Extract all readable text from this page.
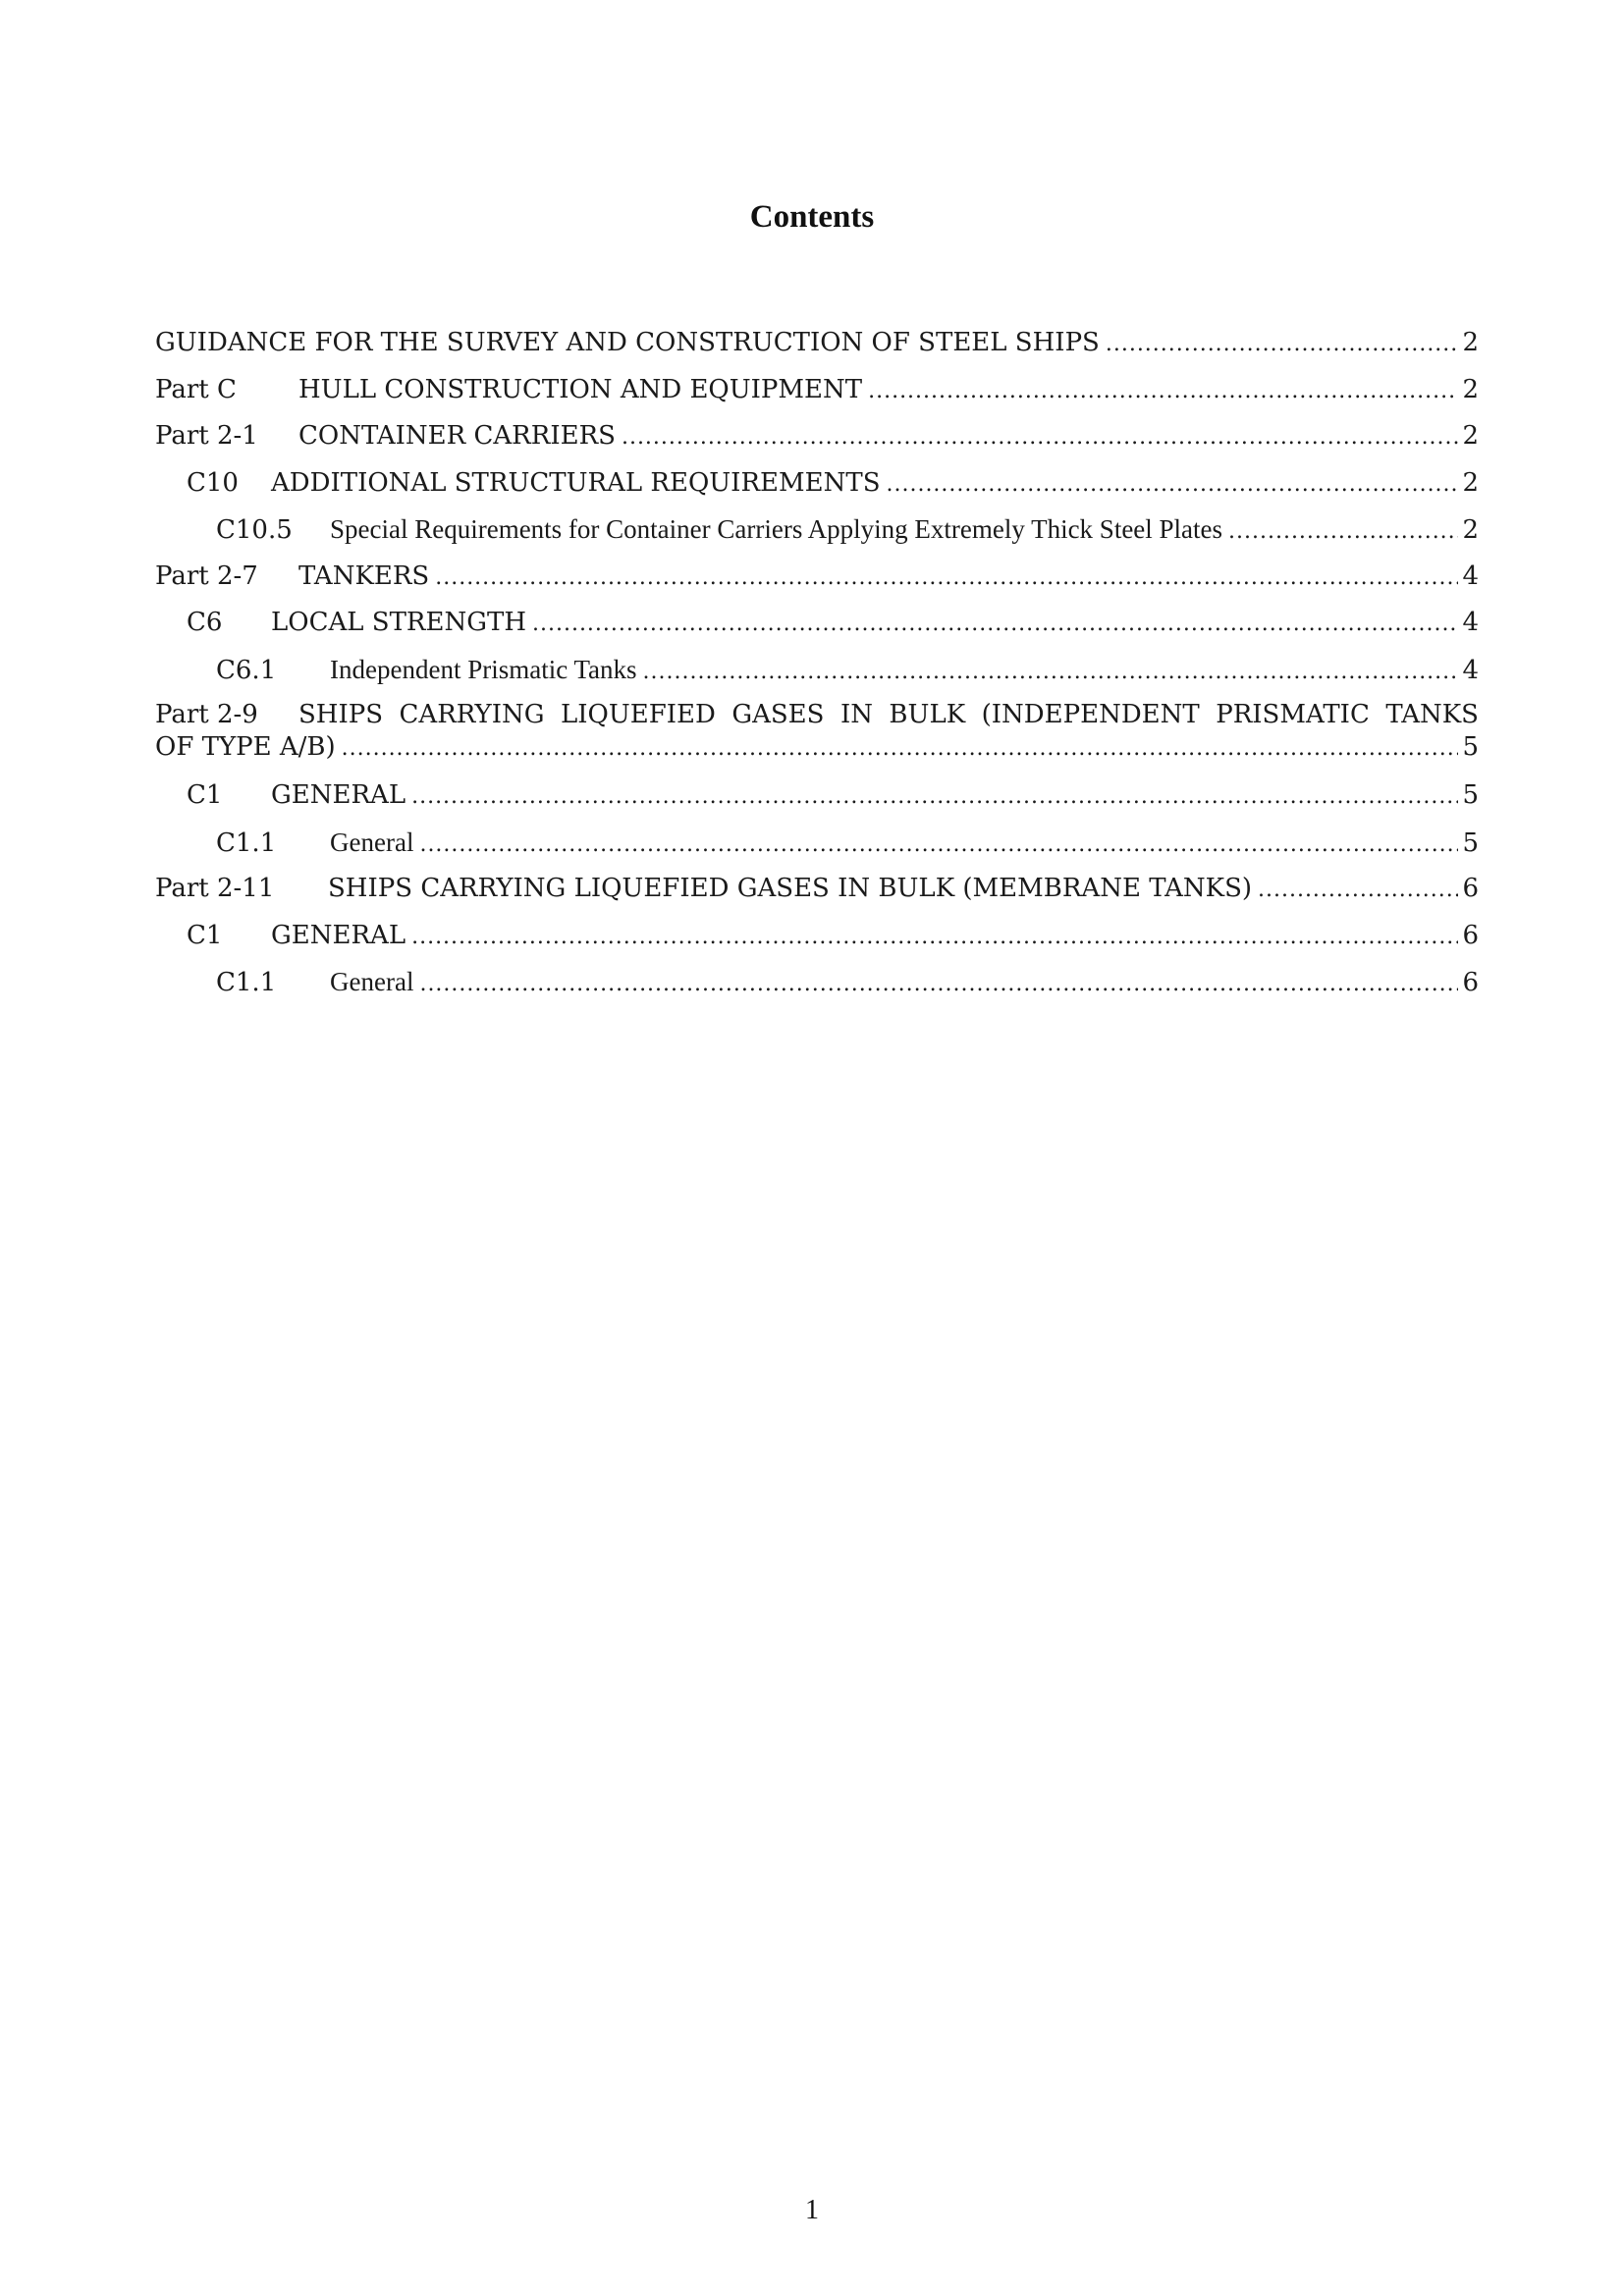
Contents
GUIDANCE FOR THE SURVEY AND CONSTRUCTION OF STEEL SHIPS . . .	2
Part C	HULL CONSTRUCTION AND EQUIPMENT . . .	2
Part 2-1	CONTAINER CARRIERS . . .	2
C10	ADDITIONAL STRUCTURAL REQUIREMENTS . . .	2
C10.5	Special Requirements for Container Carriers Applying Extremely Thick Steel Plates . . .	2
Part 2-7	TANKERS . . .	4
C6	LOCAL STRENGTH . . .	4
C6.1	Independent Prismatic Tanks . . .	4
Part 2-9	SHIPS CARRYING LIQUEFIED GASES IN BULK (INDEPENDENT PRISMATIC TANKS
OF TYPE A/B) . . .	5
C1	GENERAL . . .	5
C1.1	General . . .	5
Part 2-11	SHIPS CARRYING LIQUEFIED GASES IN BULK (MEMBRANE TANKS) . . .	6
C1	GENERAL . . .	6
C1.1	General . . .	6
1
